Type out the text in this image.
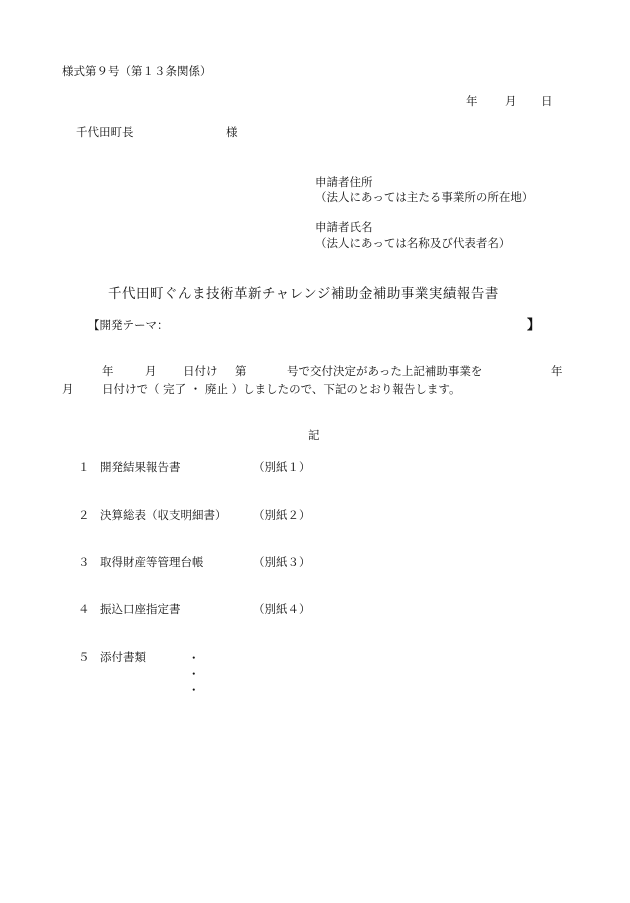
様式第９号（第１３条関係）
年 月 日
千代田町長	様
申請者住所
（法人にあっては主たる事業所の所在地）
申請者氏名
（法人にあっては名称及び代表者名）
千代田町ぐんま技術革新チャレンジ補助金補助事業実績報告書
【開発テーマ：	】
年	月 日付け 第	号で交付決定があった上記補助事業を	年
月 日付けで（ 完了 ・ 廃止 ）しましたので、下記のとおり報告します。
記
１ 開発結果報告書	（別紙１）
２ 決算総表（収支明細書） （別紙２）
３ 取得財産等管理台帳	（別紙３）
４ 振込口座指定書	（別紙４）
５ 添付書類	・
・
・
